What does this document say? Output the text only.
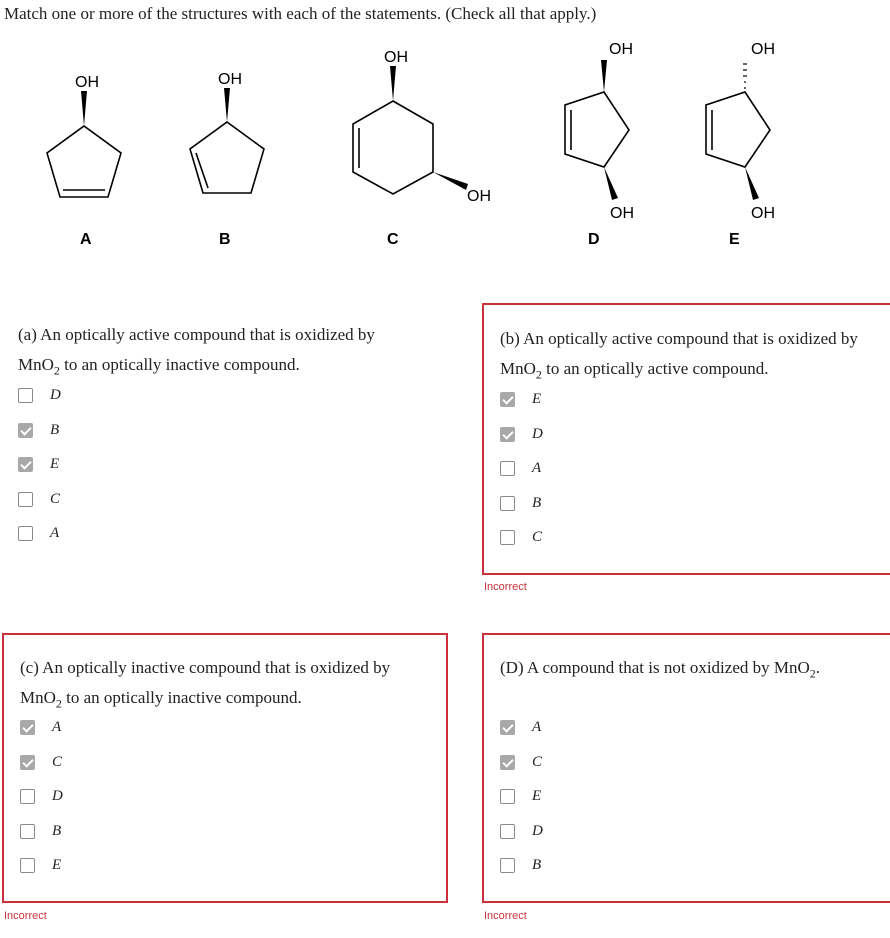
Match one or more of the structures with each of the statements. (Check all that apply.)

OH
A
OH
B
OH
OH
C
OH
OH
D
OH
OH
E

(a) An optically active compound that is oxidized by
MnO$_2$ to an optically inactive compound.

D
B
E
C
A

(b) An optically active compound that is oxidized by
MnO$_2$ to an optically active compound.

E
D
A
B
C
Incorrect

(c) An optically inactive compound that is oxidized by
MnO$_2$ to an optically inactive compound.

A
C
D
B
E
Incorrect

(D) A compound that is not oxidized by MnO$_2$.

A
C
E
D
B
Incorrect
